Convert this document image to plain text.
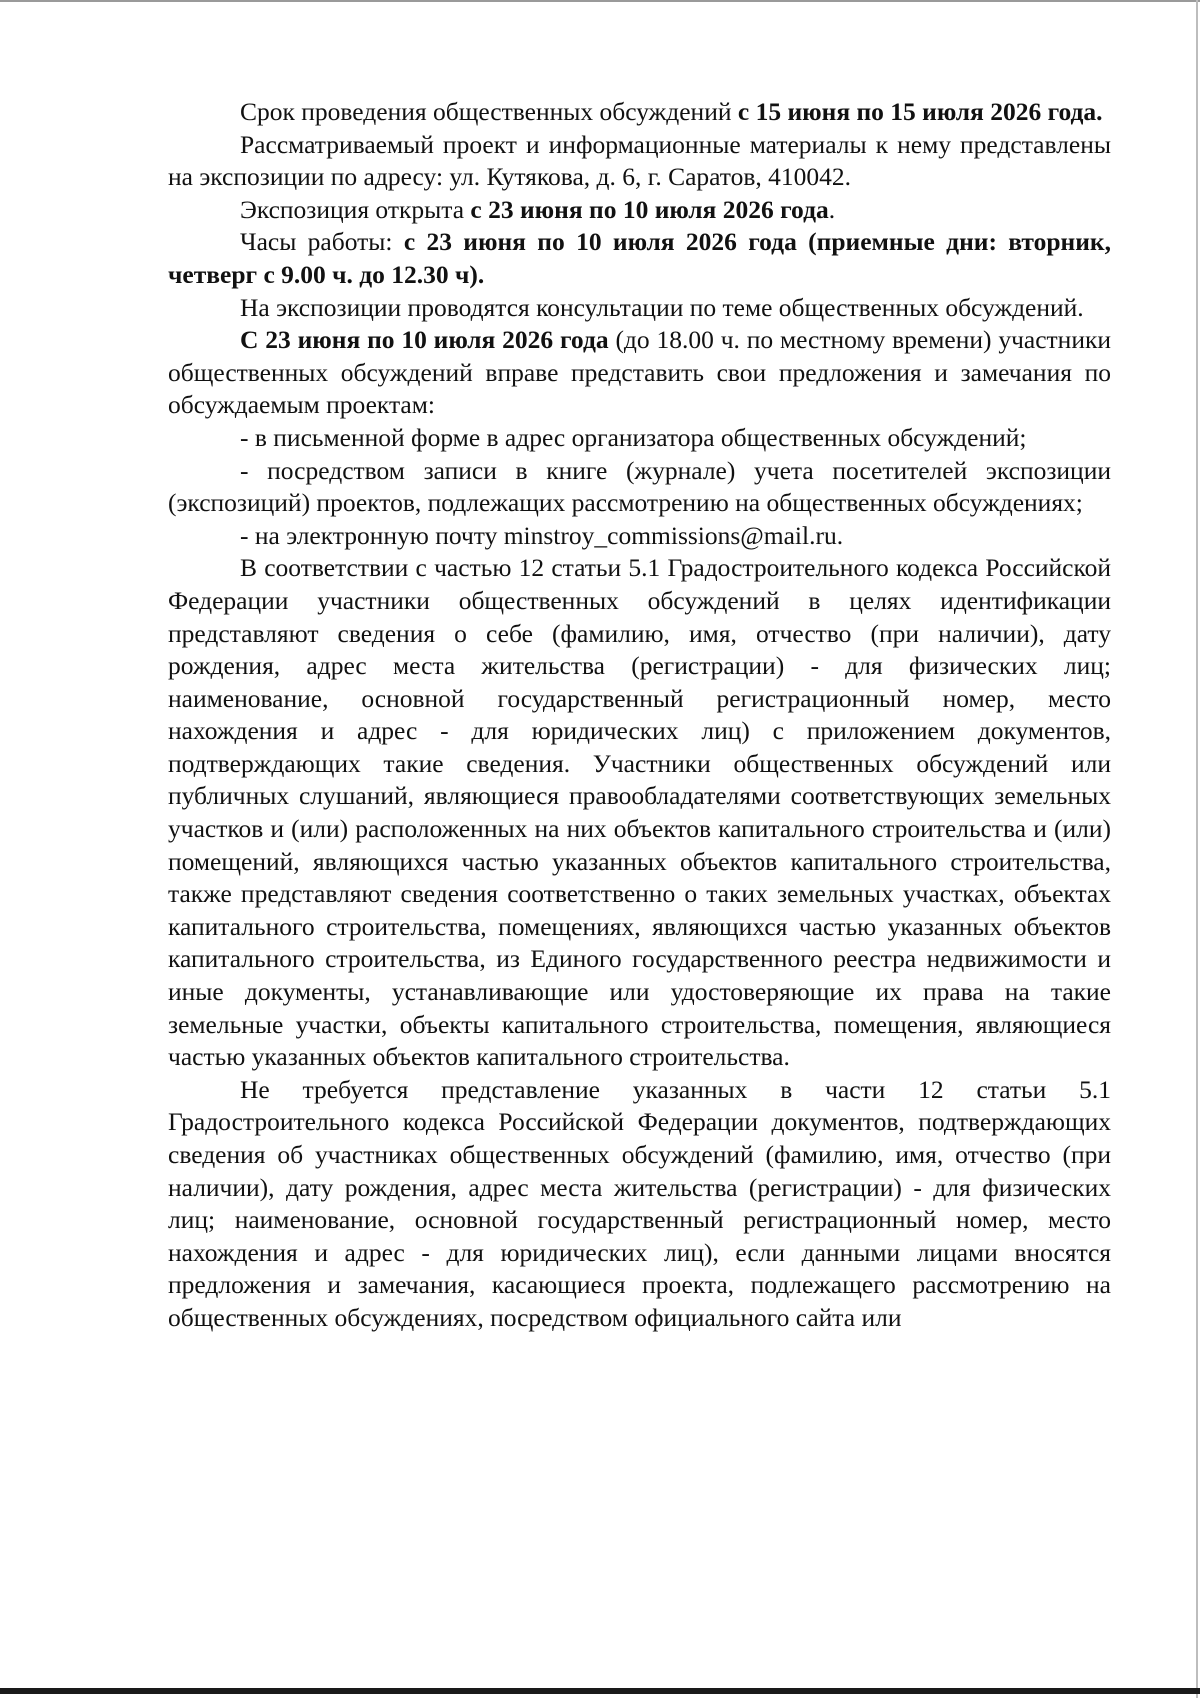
Срок проведения общественных обсуждений с 15 июня по 15 июля 2026 года.

Рассматриваемый проект и информационные материалы к нему представлены на экспозиции по адресу: ул. Кутякова, д. 6, г. Саратов, 410042.

Экспозиция открыта с 23 июня по 10 июля 2026 года.

Часы работы: с 23 июня по 10 июля 2026 года (приемные дни: вторник, четверг с 9.00 ч. до 12.30 ч).

На экспозиции проводятся консультации по теме общественных обсуждений.

С 23 июня по 10 июля 2026 года (до 18.00 ч. по местному времени) участники общественных обсуждений вправе представить свои предложения и замечания по обсуждаемым проектам:

- в письменной форме в адрес организатора общественных обсуждений;

- посредством записи в книге (журнале) учета посетителей экспозиции (экспозиций) проектов, подлежащих рассмотрению на общественных обсуждениях;

- на электронную почту minstroy_commissions@mail.ru.

В соответствии с частью 12 статьи 5.1 Градостроительного кодекса Российской Федерации участники общественных обсуждений в целях идентификации представляют сведения о себе (фамилию, имя, отчество (при наличии), дату рождения, адрес места жительства (регистрации) - для физических лиц; наименование, основной государственный регистрационный номер, место нахождения и адрес - для юридических лиц) с приложением документов, подтверждающих такие сведения. Участники общественных обсуждений или публичных слушаний, являющиеся правообладателями соответствующих земельных участков и (или) расположенных на них объектов капитального строительства и (или) помещений, являющихся частью указанных объектов капитального строительства, также представляют сведения соответственно о таких земельных участках, объектах капитального строительства, помещениях, являющихся частью указанных объектов капитального строительства, из Единого государственного реестра недвижимости и иные документы, устанавливающие или удостоверяющие их права на такие земельные участки, объекты капитального строительства, помещения, являющиеся частью указанных объектов капитального строительства.

Не требуется представление указанных в части 12 статьи 5.1 Градостроительного кодекса Российской Федерации документов, подтверждающих сведения об участниках общественных обсуждений (фамилию, имя, отчество (при наличии), дату рождения, адрес места жительства (регистрации) - для физических лиц; наименование, основной государственный регистрационный номер, место нахождения и адрес - для юридических лиц), если данными лицами вносятся предложения и замечания, касающиеся проекта, подлежащего рассмотрению на общественных обсуждениях, посредством официального сайта или
